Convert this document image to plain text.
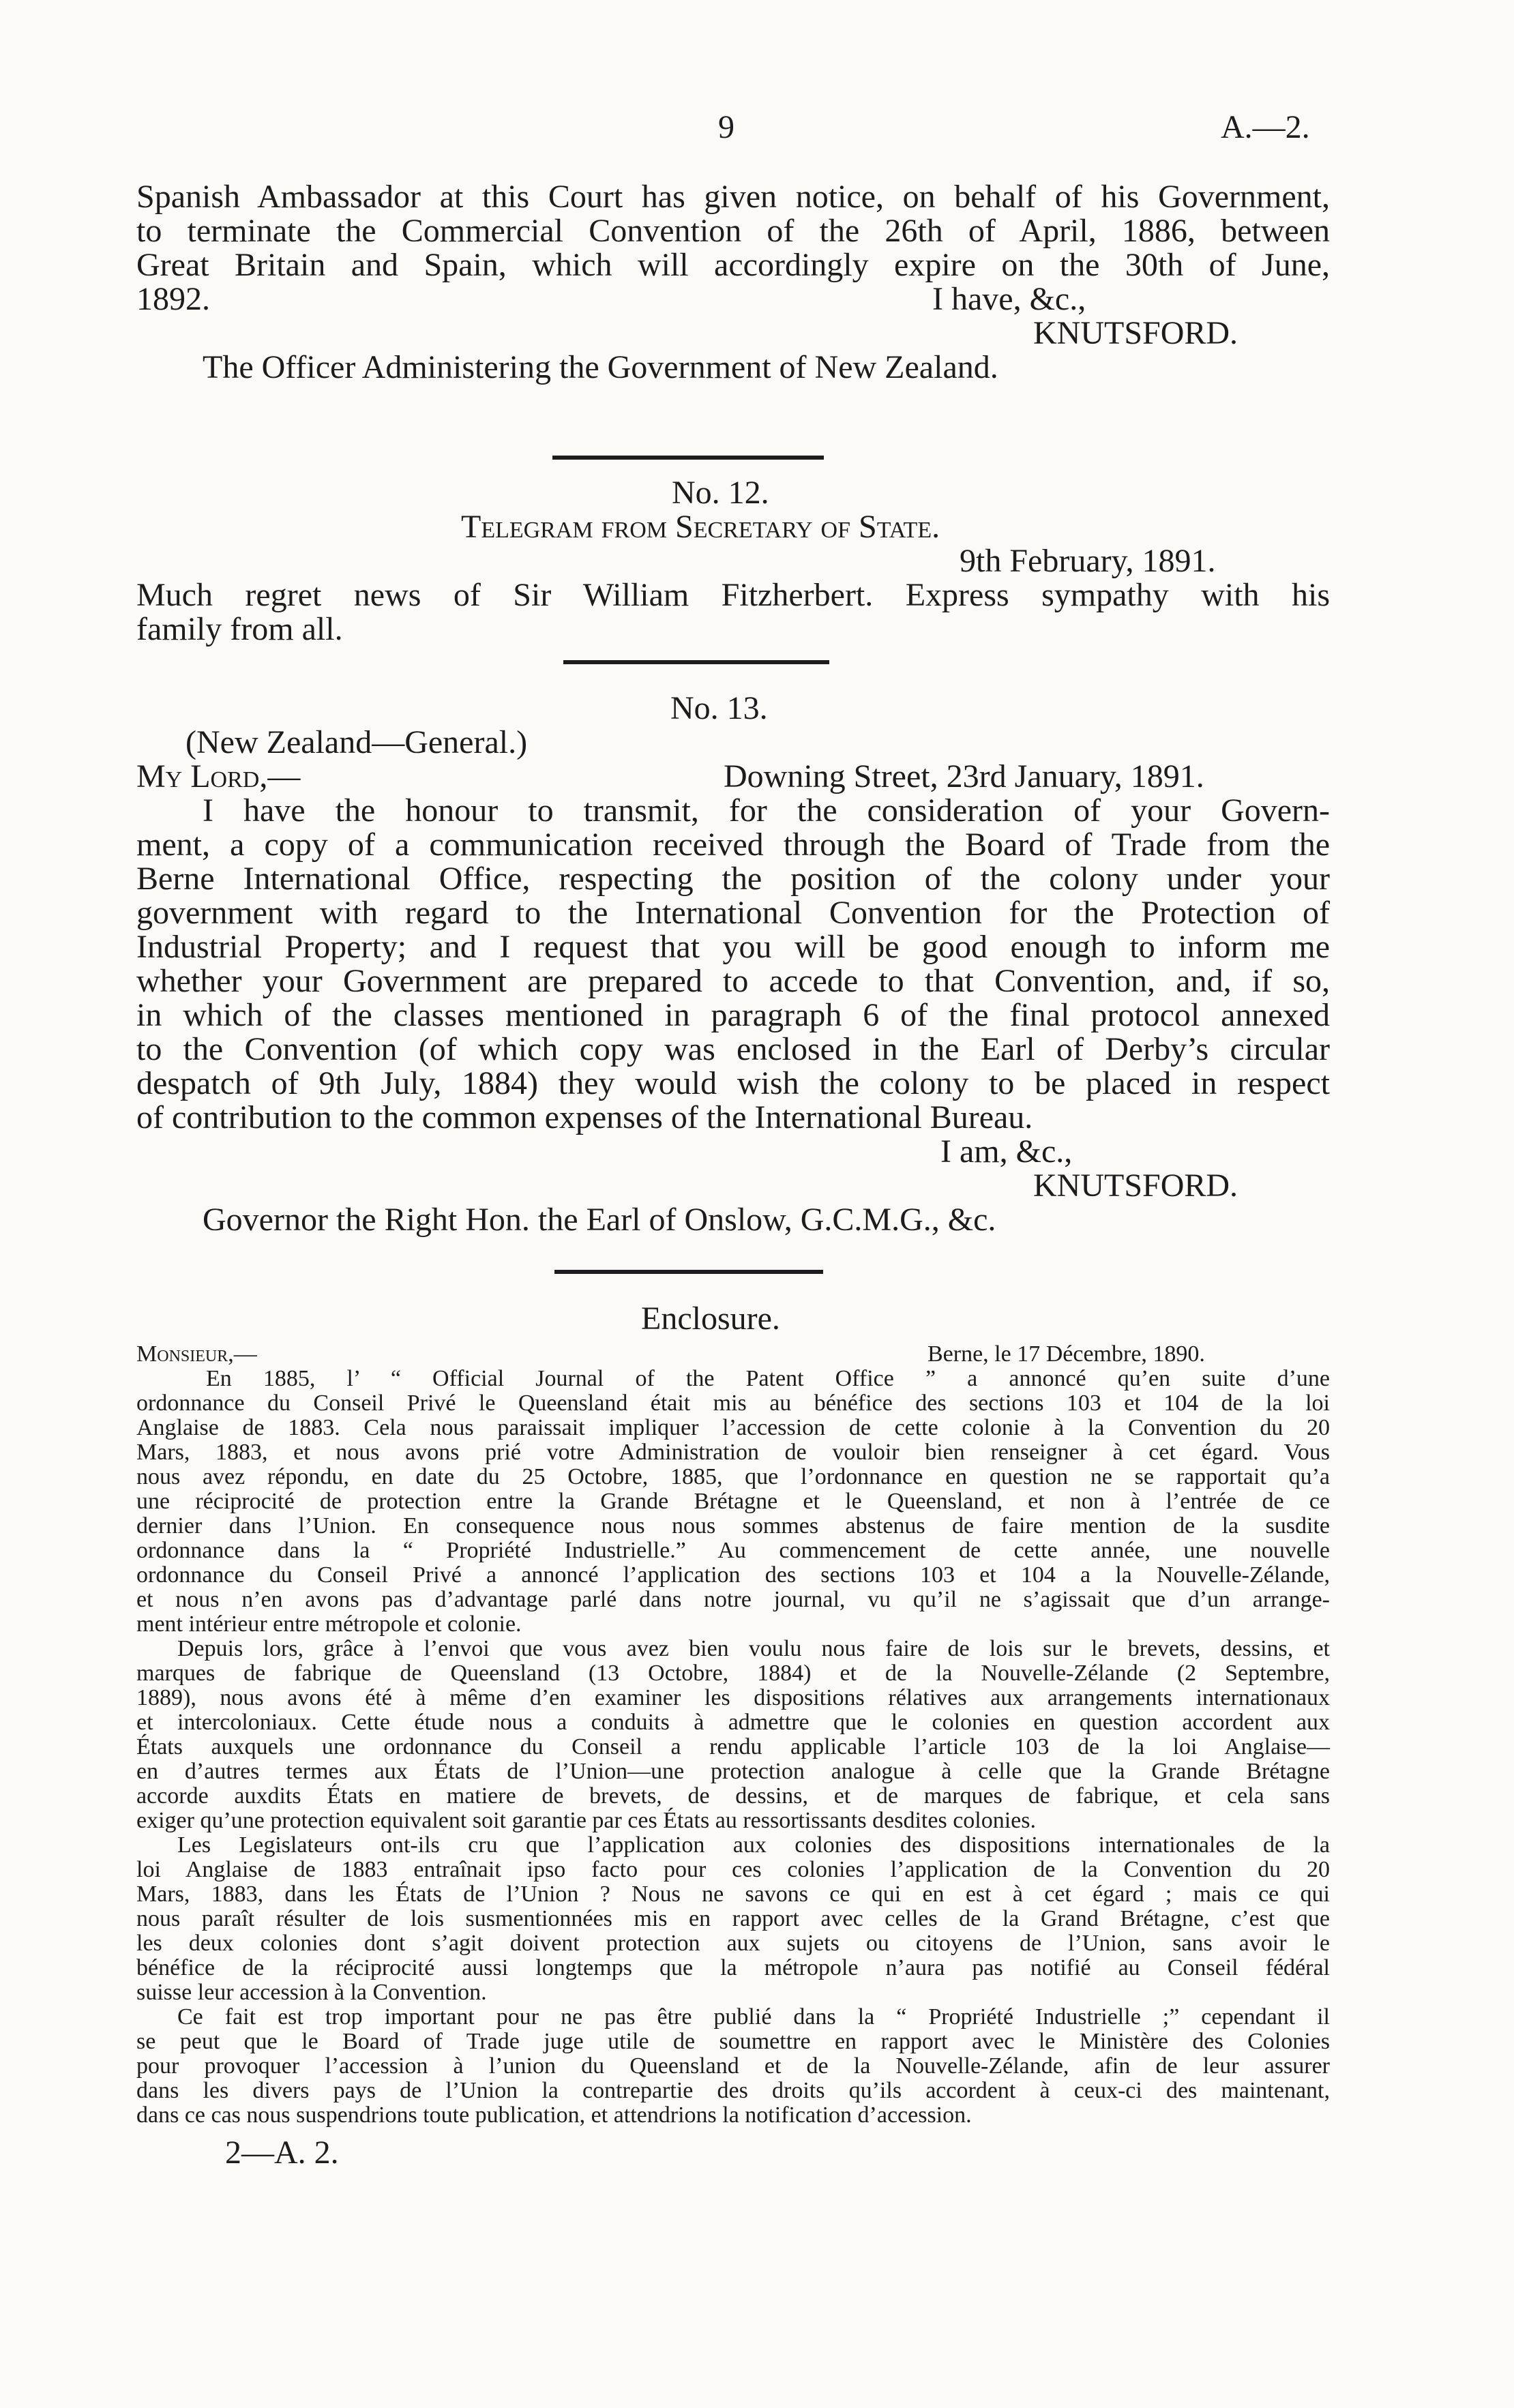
9	A.—2.
Spanish Ambassador at this Court has given notice, on behalf of his Government,
to terminate the Commercial Convention of the 26th of April, 1886, between
Great Britain and Spain, which will accordingly expire on the 30th of June,
1892.	I have, &c.,
KNUTSFORD.
The Officer Administering the Government of New Zealand.
No. 12.
Telegram from Secretary of State.
9th February, 1891.
Much regret news of Sir William Fitzherbert. Express sympathy with his
family from all.
No. 13.
(New Zealand—General.)
My Lord,—	Downing Street, 23rd January, 1891.
I have the honour to transmit, for the consideration of your Govern-
ment, a copy of a communication received through the Board of Trade from the
Berne International Office, respecting the position of the colony under your
government with regard to the International Convention for the Protection of
Industrial Property; and I request that you will be good enough to inform me
whether your Government are prepared to accede to that Convention, and, if so,
in which of the classes mentioned in paragraph 6 of the final protocol annexed
to the Convention (of which copy was enclosed in the Earl of Derby’s circular
despatch of 9th July, 1884) they would wish the colony to be placed in respect
of contribution to the common expenses of the International Bureau.
I am, &c.,
KNUTSFORD.
Governor the Right Hon. the Earl of Onslow, G.C.M.G., &c.
Enclosure.
Monsieur,—	Berne, le 17 Décembre, 1890.
En 1885, l’ “ Official Journal of the Patent Office ” a annoncé qu’en suite d’une
ordonnance du Conseil Privé le Queensland était mis au bénéfice des sections 103 et 104 de la loi
Anglaise de 1883. Cela nous paraissait impliquer l’accession de cette colonie à la Convention du 20
Mars, 1883, et nous avons prié votre Administration de vouloir bien renseigner à cet égard. Vous
nous avez répondu, en date du 25 Octobre, 1885, que l’ordonnance en question ne se rapportait qu’a
une réciprocité de protection entre la Grande Brétagne et le Queensland, et non à l’entrée de ce
dernier dans l’Union. En consequence nous nous sommes abstenus de faire mention de la susdite
ordonnance dans la “ Propriété Industrielle.” Au commencement de cette année, une nouvelle
ordonnance du Conseil Privé a annoncé l’application des sections 103 et 104 a la Nouvelle-Zélande,
et nous n’en avons pas d’advantage parlé dans notre journal, vu qu’il ne s’agissait que d’un arrange-
ment intérieur entre métropole et colonie.
Depuis lors, grâce à l’envoi que vous avez bien voulu nous faire de lois sur le brevets, dessins, et
marques de fabrique de Queensland (13 Octobre, 1884) et de la Nouvelle-Zélande (2 Septembre,
1889), nous avons été à même d’en examiner les dispositions rélatives aux arrangements internationaux
et intercoloniaux. Cette étude nous a conduits à admettre que le colonies en question accordent aux
États auxquels une ordonnance du Conseil a rendu applicable l’article 103 de la loi Anglaise—
en d’autres termes aux États de l’Union—une protection analogue à celle que la Grande Brétagne
accorde auxdits États en matiere de brevets, de dessins, et de marques de fabrique, et cela sans
exiger qu’une protection equivalent soit garantie par ces États au ressortissants desdites colonies.
Les Legislateurs ont-ils cru que l’application aux colonies des dispositions internationales de la
loi Anglaise de 1883 entraînait ipso facto pour ces colonies l’application de la Convention du 20
Mars, 1883, dans les États de l’Union ? Nous ne savons ce qui en est à cet égard ; mais ce qui
nous paraît résulter de lois susmentionnées mis en rapport avec celles de la Grand Brétagne, c’est que
les deux colonies dont s’agit doivent protection aux sujets ou citoyens de l’Union, sans avoir le
bénéfice de la réciprocité aussi longtemps que la métropole n’aura pas notifié au Conseil fédéral
suisse leur accession à la Convention.
Ce fait est trop important pour ne pas être publié dans la “ Propriété Industrielle ;” cependant il
se peut que le Board of Trade juge utile de soumettre en rapport avec le Ministère des Colonies
pour provoquer l’accession à l’union du Queensland et de la Nouvelle-Zélande, afin de leur assurer
dans les divers pays de l’Union la contrepartie des droits qu’ils accordent à ceux-ci des maintenant,
dans ce cas nous suspendrions toute publication, et attendrions la notification d’accession.
2—A. 2.
